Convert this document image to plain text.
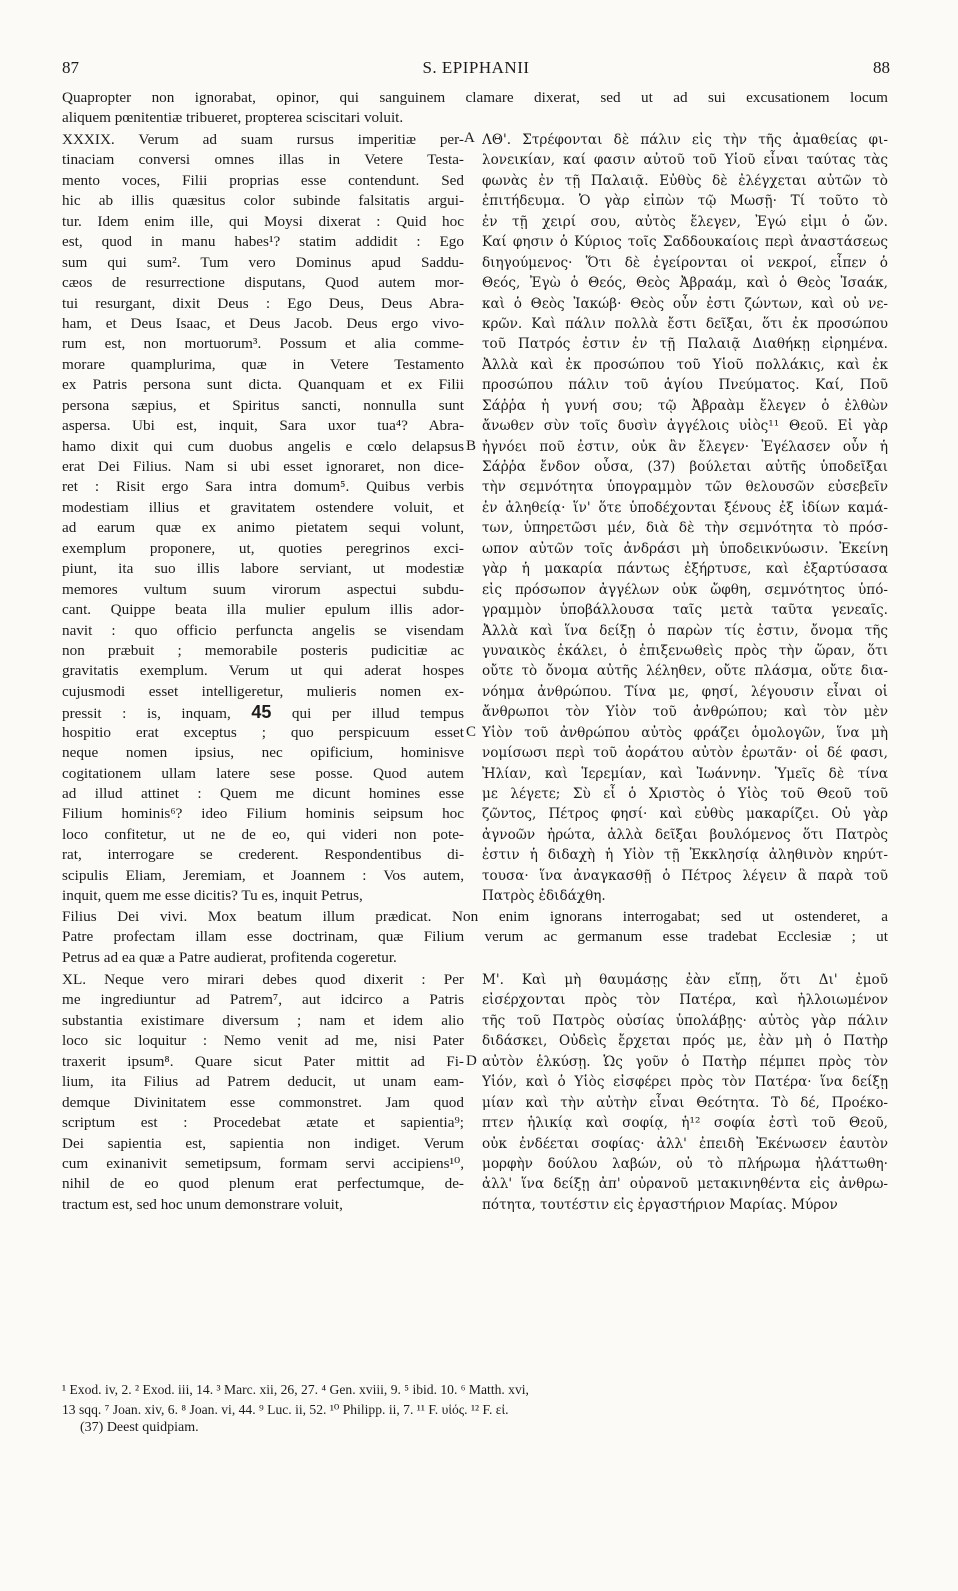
87	S. EPIPHANII	88
Quapropter non ignorabat, opinor, qui sanguinem clamare dixerat, sed ut ad sui excusationem locum
aliquem pœnitentiæ tribueret, propterea sciscitari voluit.
XXXIX. Verum ad suam rursus imperitiæ per-
tinaciam conversi omnes illas in Vetere Testa-
mento voces, Filii proprias esse contendunt. Sed
hic ab illis quæsitus color subinde falsitatis argui-
tur. Idem enim ille, qui Moysi dixerat : Quid hoc
est, quod in manu habes¹? statim addidit : Ego
sum qui sum². Tum vero Dominus apud Saddu-
cæos de resurrectione disputans, Quod autem mor-
tui resurgant, dixit Deus : Ego Deus, Deus Abra-
ham, et Deus Isaac, et Deus Jacob. Deus ergo vivo-
rum est, non mortuorum³. Possum et alia comme-
morare quamplurima, quæ in Vetere Testamento
ex Patris persona sunt dicta. Quanquam et ex Filii
persona sæpius, et Spiritus sancti, nonnulla sunt
aspersa. Ubi est, inquit, Sara uxor tua⁴? Abra-
hamo dixit qui cum duobus angelis e cœlo delapsus
erat Dei Filius. Nam si ubi esset ignoraret, non dice-
ret : Risit ergo Sara intra domum⁵. Quibus verbis
modestiam illius et gravitatem ostendere voluit, et
ad earum quæ ex animo pietatem sequi volunt,
exemplum proponere, ut, quoties peregrinos exci-
piunt, ita suo illis labore serviant, ut modestiæ
memores vultum suum virorum aspectui subdu-
cant. Quippe beata illa mulier epulum illis ador-
navit : quo officio perfuncta angelis se visendam
non præbuit ; memorabile posteris pudicitiæ ac
gravitatis exemplum. Verum ut qui aderat hospes
cujusmodi esset intelligeretur, mulieris nomen ex-
pressit : is, inquam, 45 qui per illud tempus
hospitio erat exceptus ; quo perspicuum esset
neque nomen ipsius, nec opificium, hominisve
cogitationem ullam latere sese posse. Quod autem
ad illud attinet : Quem me dicunt homines esse
Filium hominis⁶? ideo Filium hominis seipsum hoc
loco confitetur, ut ne de eo, qui videri non pote-
rat, interrogare se crederent. Respondentibus di-
scipulis Eliam, Jeremiam, et Joannem : Vos autem,
inquit, quem me esse dicitis? Tu es, inquit Petrus,
ΛΘ'. Στρέφονται δὲ πάλιν εἰς τὴν τῆς ἀμαθείας φι-
λονεικίαν, καί φασιν αὐτοῦ τοῦ Υἱοῦ εἶναι ταύτας τὰς
φωνὰς ἐν τῇ Παλαιᾷ. Εὐθὺς δὲ ἐλέγχεται αὐτῶν τὸ
ἐπιτήδευμα. Ὁ γὰρ εἰπὼν τῷ Μωσῇ· Τί τοῦτο τὸ
ἐν τῇ χειρί σου, αὐτὸς ἔλεγεν, Ἐγώ εἰμι ὁ ὤν.
Καί φησιν ὁ Κύριος τοῖς Σαδδουκαίοις περὶ ἀναστάσεως
διηγούμενος· Ὅτι δὲ ἐγείρονται οἱ νεκροί, εἶπεν ὁ
Θεός, Ἐγὼ ὁ Θεός, Θεὸς Ἀβραάμ, καὶ ὁ Θεὸς Ἰσαάκ,
καὶ ὁ Θεὸς Ἰακώβ· Θεὸς οὖν ἐστι ζώντων, καὶ οὐ νε-
κρῶν. Καὶ πάλιν πολλὰ ἔστι δεῖξαι, ὅτι ἐκ προσώπου
τοῦ Πατρός ἐστιν ἐν τῇ Παλαιᾷ Διαθήκῃ εἰρημένα.
Ἀλλὰ καὶ ἐκ προσώπου τοῦ Υἱοῦ πολλάκις, καὶ ἐκ
προσώπου πάλιν τοῦ ἁγίου Πνεύματος. Καί, Ποῦ
Σάῤῥα ἡ γυνή σου; τῷ Ἀβραὰμ ἔλεγεν ὁ ἐλθὼν
ἄνωθεν σὺν τοῖς δυσὶν ἀγγέλοις υἱὸς¹¹ Θεοῦ. Εἰ γὰρ
ἠγνόει ποῦ ἐστιν, οὐκ ἂν ἔλεγεν· Ἐγέλασεν οὖν ἡ
Σάῤῥα ἔνδον οὖσα, (37) βούλεται αὐτῆς ὑποδεῖξαι
τὴν σεμνότητα ὑπογραμμὸν τῶν θελουσῶν εὐσεβεῖν
ἐν ἀληθείᾳ· ἵν' ὅτε ὑποδέχονται ξένους ἐξ ἰδίων καμά-
των, ὑπηρετῶσι μέν, διὰ δὲ τὴν σεμνότητα τὸ πρόσ-
ωπον αὐτῶν τοῖς ἀνδράσι μὴ ὑποδεικνύωσιν. Ἐκείνη
γὰρ ἡ μακαρία πάντως ἐξήρτυσε, καὶ ἐξαρτύσασα
εἰς πρόσωπον ἀγγέλων οὐκ ὤφθη, σεμνότητος ὑπό-
γραμμὸν ὑποβάλλουσα ταῖς μετὰ ταῦτα γενεαῖς.
Ἀλλὰ καὶ ἵνα δείξῃ ὁ παρὼν τίς ἐστιν, ὄνομα τῆς
γυναικὸς ἐκάλει, ὁ ἐπιξενωθεὶς πρὸς τὴν ὥραν, ὅτι
οὔτε τὸ ὄνομα αὐτῆς λέληθεν, οὔτε πλάσμα, οὔτε δια-
νόημα ἀνθρώπου. Τίνα με, φησί, λέγουσιν εἶναι οἱ
ἄνθρωποι τὸν Υἱὸν τοῦ ἀνθρώπου; καὶ τὸν μὲν
Υἱὸν τοῦ ἀνθρώπου αὐτὸς φράζει ὁμολογῶν, ἵνα μὴ
νομίσωσι περὶ τοῦ ἀοράτου αὐτὸν ἐρωτᾶν· οἱ δέ φασι,
Ἠλίαν, καὶ Ἱερεμίαν, καὶ Ἰωάννην. Ὑμεῖς δὲ τίνα
με λέγετε; Σὺ εἶ ὁ Χριστὸς ὁ Υἱὸς τοῦ Θεοῦ τοῦ
ζῶντος, Πέτρος φησί· καὶ εὐθὺς μακαρίζει. Οὐ γὰρ
ἀγνοῶν ἠρώτα, ἀλλὰ δεῖξαι βουλόμενος ὅτι Πατρὸς
ἐστιν ἡ διδαχὴ ἡ Υἱὸν τῇ Ἐκκλησίᾳ ἀληθινὸν κηρύτ-
τουσα· ἵνα ἀναγκασθῇ ὁ Πέτρος λέγειν ἃ παρὰ τοῦ
Πατρὸς ἐδιδάχθη.
Filius Dei vivi. Mox beatum illum prædicat. Non enim ignorans interrogabat; sed ut ostenderet, a
Patre profectam illam esse doctrinam, quæ Filium verum ac germanum esse tradebat Ecclesiæ ; ut
Petrus ad ea quæ a Patre audierat, profitenda cogeretur.
XL. Neque vero mirari debes quod dixerit : Per
me ingrediuntur ad Patrem⁷, aut idcirco a Patris
substantia existimare diversum ; nam et idem alio
loco sic loquitur : Nemo venit ad me, nisi Pater
traxerit ipsum⁸. Quare sicut Pater mittit ad Fi-
lium, ita Filius ad Patrem deducit, ut unam eam-
demque Divinitatem esse commonstret. Jam quod
scriptum est : Procedebat ætate et sapientia⁹;
Dei sapientia est, sapientia non indiget. Verum
cum exinanivit semetipsum, formam servi accipiens¹⁰,
nihil de eo quod plenum erat perfectumque, de-
tractum est, sed hoc unum demonstrare voluit,
Μ'. Καὶ μὴ θαυμάσῃς ἐὰν εἴπῃ, ὅτι Δι' ἐμοῦ
εἰσέρχονται πρὸς τὸν Πατέρα, καὶ ἠλλοιωμένον
τῆς τοῦ Πατρὸς οὐσίας ὑπολάβῃς· αὐτὸς γὰρ πάλιν
διδάσκει, Οὐδεὶς ἔρχεται πρός με, ἐὰν μὴ ὁ Πατὴρ
αὐτὸν ἑλκύσῃ. Ὡς γοῦν ὁ Πατὴρ πέμπει πρὸς τὸν
Υἱόν, καὶ ὁ Υἱὸς εἰσφέρει πρὸς τὸν Πατέρα· ἵνα δείξῃ
μίαν καὶ τὴν αὐτὴν εἶναι Θεότητα. Τὸ δέ, Προέκο-
πτεν ἡλικίᾳ καὶ σοφίᾳ, ἡ¹² σοφία ἐστὶ τοῦ Θεοῦ,
οὐκ ἐνδέεται σοφίας· ἀλλ' ἐπειδὴ Ἐκένωσεν ἑαυτὸν
μορφὴν δούλου λαβών, οὐ τὸ πλήρωμα ἠλάττωθη·
ἀλλ' ἵνα δείξῃ ἀπ' οὐρανοῦ μετακινηθέντα εἰς ἀνθρω-
πότητα, τουτέστιν εἰς ἐργαστήριον Μαρίας. Μύρον
A
B
C
D
¹ Exod. iv, 2. ² Exod. iii, 14. ³ Marc. xii, 26, 27. ⁴ Gen. xviii, 9. ⁵ ibid. 10. ⁶ Matth. xvi,
13 sqq. ⁷ Joan. xiv, 6. ⁸ Joan. vi, 44. ⁹ Luc. ii, 52. ¹⁰ Philipp. ii, 7. ¹¹ F. υἱός. ¹² F. εἰ.
(37) Deest quidpiam.
